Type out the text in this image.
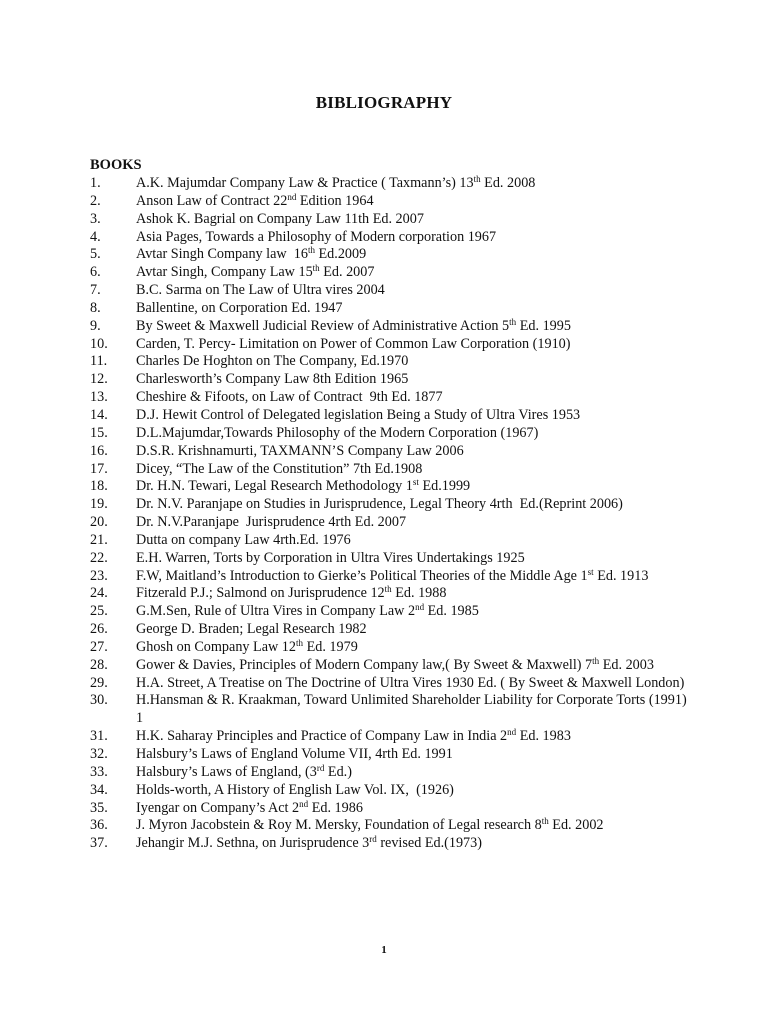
BIBLIOGRAPHY
BOOKS
1.	A.K. Majumdar Company Law & Practice ( Taxmann’s) 13th Ed. 2008
2.	Anson Law of Contract 22nd Edition 1964
3.	Ashok K. Bagrial on Company Law 11th Ed. 2007
4.	Asia Pages, Towards a Philosophy of Modern corporation 1967
5.	Avtar Singh Company law  16th Ed.2009
6.	Avtar Singh, Company Law 15th Ed. 2007
7.	B.C. Sarma on The Law of Ultra vires 2004
8.	Ballentine, on Corporation Ed. 1947
9.	By Sweet & Maxwell Judicial Review of Administrative Action 5th Ed. 1995
10.	Carden, T. Percy- Limitation on Power of Common Law Corporation (1910)
11.	Charles De Hoghton on The Company, Ed.1970
12.	Charlesworth’s Company Law 8th Edition 1965
13.	Cheshire & Fifoots, on Law of Contract  9th Ed. 1877
14.	D.J. Hewit Control of Delegated legislation Being a Study of Ultra Vires 1953
15.	D.L.Majumdar,Towards Philosophy of the Modern Corporation (1967)
16.	D.S.R. Krishnamurti, TAXMANN’S Company Law 2006
17.	Dicey, “The Law of the Constitution” 7th Ed.1908
18.	Dr. H.N. Tewari, Legal Research Methodology 1st Ed.1999
19.	Dr. N.V. Paranjape on Studies in Jurisprudence, Legal Theory 4rth  Ed.(Reprint 2006)
20.	Dr. N.V.Paranjape  Jurisprudence 4rth Ed. 2007
21.	Dutta on company Law 4rth.Ed. 1976
22.	E.H. Warren, Torts by Corporation in Ultra Vires Undertakings 1925
23.	F.W, Maitland’s Introduction to Gierke’s Political Theories of the Middle Age 1st Ed. 1913
24.	Fitzerald P.J.; Salmond on Jurisprudence 12th Ed. 1988
25.	G.M.Sen, Rule of Ultra Vires in Company Law 2nd Ed. 1985
26.	George D. Braden; Legal Research 1982
27.	Ghosh on Company Law 12th Ed. 1979
28.	Gower & Davies, Principles of Modern Company law,( By Sweet & Maxwell) 7th Ed. 2003
29.	H.A. Street, A Treatise on The Doctrine of Ultra Vires 1930 Ed. ( By Sweet & Maxwell London)
30.	H.Hansman & R. Kraakman, Toward Unlimited Shareholder Liability for Corporate Torts (1991) 1
31.	H.K. Saharay Principles and Practice of Company Law in India 2nd Ed. 1983
32.	Halsbury’s Laws of England Volume VII, 4rth Ed. 1991
33.	Halsbury’s Laws of England, (3rd Ed.)
34.	Holds-worth, A History of English Law Vol. IX,  (1926)
35.	Iyengar on Company’s Act 2nd Ed. 1986
36.	J. Myron Jacobstein & Roy M. Mersky, Foundation of Legal research 8th Ed. 2002
37.	Jehangir M.J. Sethna, on Jurisprudence 3rd revised Ed.(1973)
1
